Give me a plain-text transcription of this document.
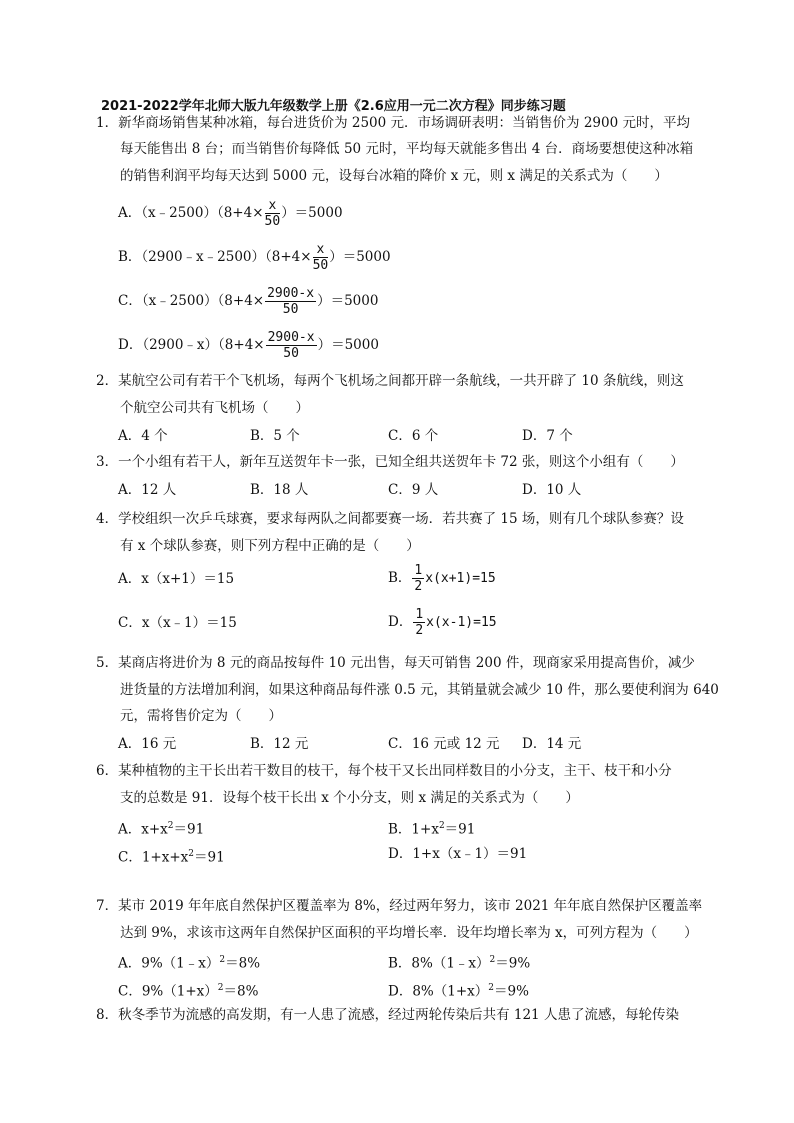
2021-2022学年北师大版九年级数学上册《2.6应用一元二次方程》同步练习题
1．新华商场销售某种冰箱，每台进货价为 2500 元．市场调研表明：当销售价为 2900 元时，平均
每天能售出 8 台；而当销售价每降低 50 元时，平均每天就能多售出 4 台．商场要想使这种冰箱
的销售利润平均每天达到 5000 元，设每台冰箱的降价 x 元，则 x 满足的关系式为（　　）
A．（x﹣2500）（8+4× $\frac{x}{50} )=5000$
B．（2900﹣x﹣2500）（8+4× $\frac{x}{50} )=5000$
C．（x﹣2500）（8+4× $\frac{2900-x}{50} )=5000$
D．（2900﹣x）（8+4× $\frac{2900-x}{50} )=5000$
2．某航空公司有若干个飞机场，每两个飞机场之间都开辟一条航线，一共开辟了 10 条航线，则这
个航空公司共有飞机场（　　）
A．4 个	B．5 个	C．6 个	D．7 个
3．一个小组有若干人，新年互送贺年卡一张，已知全组共送贺年卡 72 张，则这个小组有（　　）
A．12 人	B．18 人	C．9 人	D．10 人
4．学校组织一次乒乓球赛，要求每两队之间都要赛一场．若共赛了 15 场，则有几个球队参赛？设
有 x 个球队参赛，则下列方程中正确的是（　　）
A．x（x+1）＝15	B． $\frac{1}{2} x(x+1)=15$
C．x（x﹣1）＝15	D． $\frac{1}{2} x(x-1)=15$
5．某商店将进价为 8 元的商品按每件 10 元出售，每天可销售 200 件，现商家采用提高售价，减少
进货量的方法增加利润，如果这种商品每件涨 0.5 元，其销量就会减少 10 件，那么要使利润为 640
元，需将售价定为（　　）
A．16 元	B．12 元	C．16 元或 12 元 D．14 元
6．某种植物的主干长出若干数目的枝干，每个枝干又长出同样数目的小分支，主干、枝干和小分
支的总数是 91．设每个枝干长出 x 个小分支，则 x 满足的关系式为（　　）
A．$x+x^2=91$	B．$1+x^2=91$
C．$1+x+x^2=91$	D．1+x（x﹣1）＝91
7．某市 2019 年年底自然保护区覆盖率为 8%，经过两年努力，该市 2021 年年底自然保护区覆盖率
达到 9%，求该市这两年自然保护区面积的平均增长率．设年均增长率为 x，可列方程为（　　）
A．9%（1﹣x）$^2$＝8%	B．8%（1﹣x）$^2$＝9%
C．$9\%(1+x)^2=8\%$	D．$8\%(1+x)^2=9\%$
8．秋冬季节为流感的高发期，有一人患了流感，经过两轮传染后共有 121 人患了流感，每轮传染
